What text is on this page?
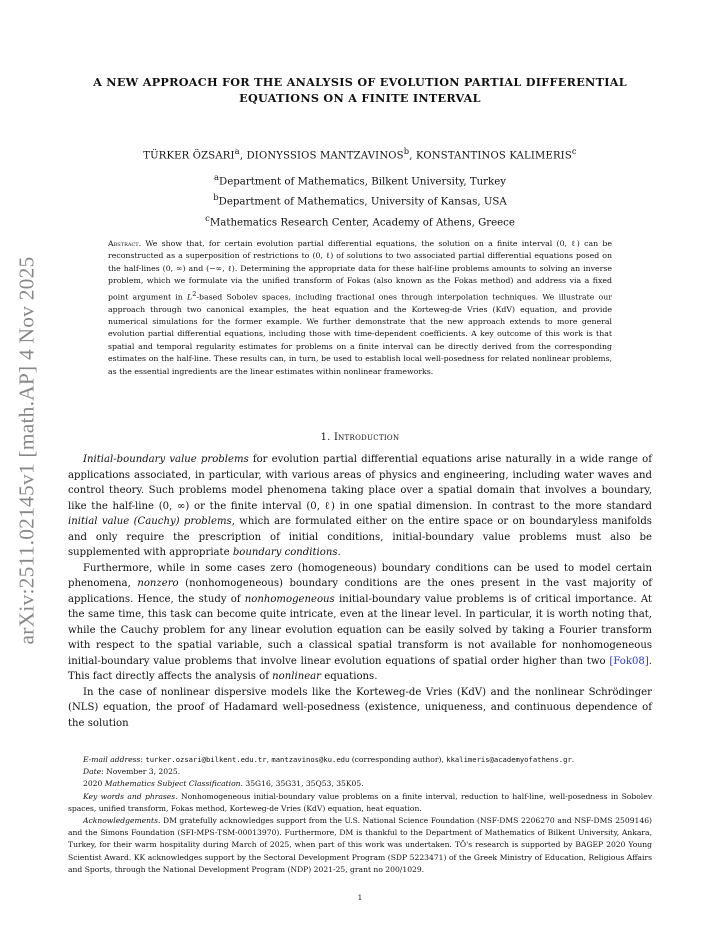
arXiv:2511.02145v1 [math.AP] 4 Nov 2025
A NEW APPROACH FOR THE ANALYSIS OF EVOLUTION PARTIAL DIFFERENTIAL EQUATIONS ON A FINITE INTERVAL
TÜRKER ÖZSARI$^a$, DIONYSSIOS MANTZAVINOS$^b$, KONSTANTINOS KALIMERIS$^c$
$^a$Department of Mathematics, Bilkent University, Turkey
$^b$Department of Mathematics, University of Kansas, USA
$^c$Mathematics Research Center, Academy of Athens, Greece
Abstract. We show that, for certain evolution partial differential equations, the solution on a finite interval (0, ℓ) can be reconstructed as a superposition of restrictions to (0, ℓ) of solutions to two associated partial differential equations posed on the half-lines (0, ∞) and (−∞, ℓ). Determining the appropriate data for these half-line problems amounts to solving an inverse problem, which we formulate via the unified transform of Fokas (also known as the Fokas method) and address via a fixed point argument in $L^2$-based Sobolev spaces, including fractional ones through interpolation techniques. We illustrate our approach through two canonical examples, the heat equation and the Korteweg-de Vries (KdV) equation, and provide numerical simulations for the former example. We further demonstrate that the new approach extends to more general evolution partial differential equations, including those with time-dependent coefficients. A key outcome of this work is that spatial and temporal regularity estimates for problems on a finite interval can be directly derived from the corresponding estimates on the half-line. These results can, in turn, be used to establish local well-posedness for related nonlinear problems, as the essential ingredients are the linear estimates within nonlinear frameworks.
1. Introduction

Initial-boundary value problems for evolution partial differential equations arise naturally in a wide range of applications associated, in particular, with various areas of physics and engineering, including water waves and control theory. Such problems model phenomena taking place over a spatial domain that involves a boundary, like the half-line (0, ∞) or the finite interval (0, ℓ) in one spatial dimension. In contrast to the more standard initial value (Cauchy) problems, which are formulated either on the entire space or on boundaryless manifolds and only require the prescription of initial conditions, initial-boundary value problems must also be supplemented with appropriate boundary conditions.

Furthermore, while in some cases zero (homogeneous) boundary conditions can be used to model certain phenomena, nonzero (nonhomogeneous) boundary conditions are the ones present in the vast majority of applications. Hence, the study of nonhomogeneous initial-boundary value problems is of critical importance. At the same time, this task can become quite intricate, even at the linear level. In particular, it is worth noting that, while the Cauchy problem for any linear evolution equation can be easily solved by taking a Fourier transform with respect to the spatial variable, such a classical spatial transform is not available for nonhomogeneous initial-boundary value problems that involve linear evolution equations of spatial order higher than two [Fok08]. This fact directly affects the analysis of nonlinear equations.

In the case of nonlinear dispersive models like the Korteweg-de Vries (KdV) and the nonlinear Schrödinger (NLS) equation, the proof of Hadamard well-posedness (existence, uniqueness, and continuous dependence of the solution

E-mail address: turker.ozsari@bilkent.edu.tr, mantzavinos@ku.edu (corresponding author), kkalimeris@academyofathens.gr.

Date: November 3, 2025.

2020 Mathematics Subject Classification. 35G16, 35G31, 35Q53, 35K05.

Key words and phrases. Nonhomogeneous initial-boundary value problems on a finite interval, reduction to half-line, well-posedness in Sobolev spaces, unified transform, Fokas method, Korteweg-de Vries (KdV) equation, heat equation.

Acknowledgements. DM gratefully acknowledges support from the U.S. National Science Foundation (NSF-DMS 2206270 and NSF-DMS 2509146) and the Simons Foundation (SFI-MPS-TSM-00013970). Furthermore, DM is thankful to the Department of Mathematics of Bilkent University, Ankara, Turkey, for their warm hospitality during March of 2025, when part of this work was undertaken. TÖ's research is supported by BAGEP 2020 Young Scientist Award. KK acknowledges support by the Sectoral Development Program (SDP 5223471) of the Greek Ministry of Education, Religious Affairs and Sports, through the National Development Program (NDP) 2021-25, grant no 200/1029.

1
